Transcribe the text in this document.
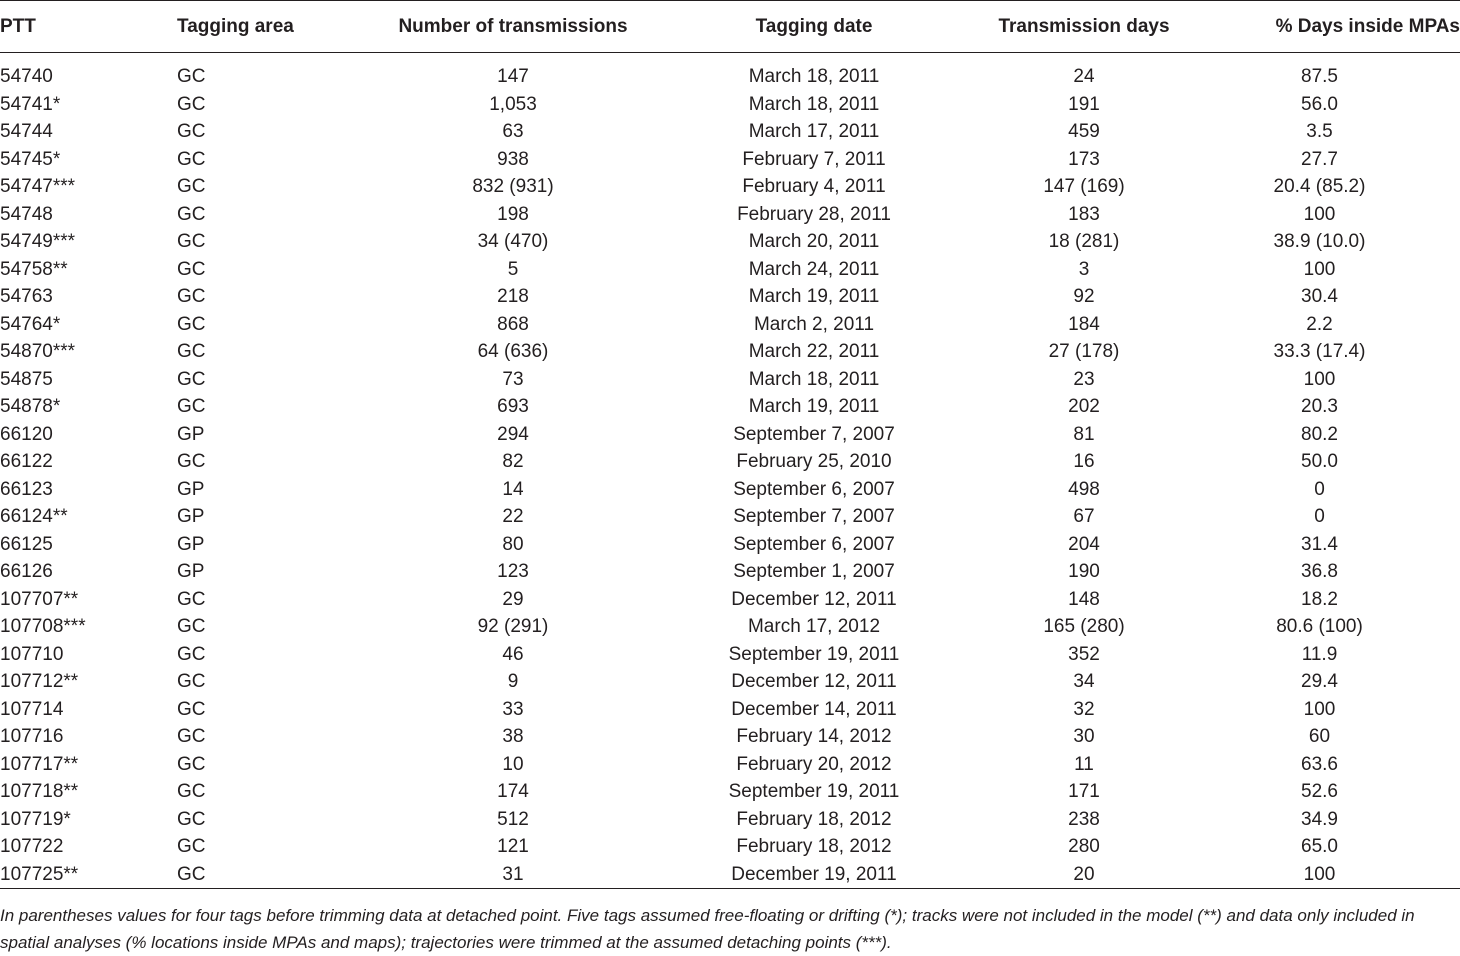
PTT	Tagging area	Number of transmissions	Tagging date	Transmission days	% Days inside MPAs
54740	GC	147	March 18, 2011	24	87.5
54741*	GC	1,053	March 18, 2011	191	56.0
54744	GC	63	March 17, 2011	459	3.5
54745*	GC	938	February 7, 2011	173	27.7
54747***	GC	832 (931)	February 4, 2011	147 (169)	20.4 (85.2)
54748	GC	198	February 28, 2011	183	100
54749***	GC	34 (470)	March 20, 2011	18 (281)	38.9 (10.0)
54758**	GC	5	March 24, 2011	3	100
54763	GC	218	March 19, 2011	92	30.4
54764*	GC	868	March 2, 2011	184	2.2
54870***	GC	64 (636)	March 22, 2011	27 (178)	33.3 (17.4)
54875	GC	73	March 18, 2011	23	100
54878*	GC	693	March 19, 2011	202	20.3
66120	GP	294	September 7, 2007	81	80.2
66122	GC	82	February 25, 2010	16	50.0
66123	GP	14	September 6, 2007	498	0
66124**	GP	22	September 7, 2007	67	0
66125	GP	80	September 6, 2007	204	31.4
66126	GP	123	September 1, 2007	190	36.8
107707**	GC	29	December 12, 2011	148	18.2
107708***	GC	92 (291)	March 17, 2012	165 (280)	80.6 (100)
107710	GC	46	September 19, 2011	352	11.9
107712**	GC	9	December 12, 2011	34	29.4
107714	GC	33	December 14, 2011	32	100
107716	GC	38	February 14, 2012	30	60
107717**	GC	10	February 20, 2012	11	63.6
107718**	GC	174	September 19, 2011	171	52.6
107719*	GC	512	February 18, 2012	238	34.9
107722	GC	121	February 18, 2012	280	65.0
107725**	GC	31	December 19, 2011	20	100
In parentheses values for four tags before trimming data at detached point. Five tags assumed free-floating or drifting (*); tracks were not included in the model (**) and data only included in spatial analyses (% locations inside MPAs and maps); trajectories were trimmed at the assumed detaching points (***).
